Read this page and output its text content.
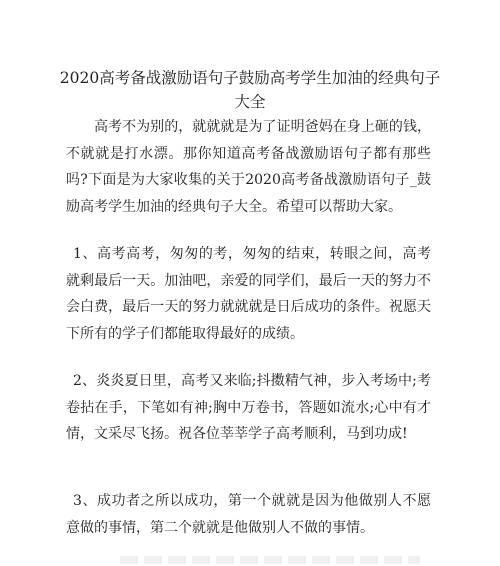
2020高考备战激励语句子鼓励高考学生加油的经典句子大全

高考不为别的，就就就是为了证明爸妈在身上砸的钱，不就就是打水漂。那你知道高考备战激励语句子都有那些吗?下面是为大家收集的关于2020高考备战激励语句子_鼓励高考学生加油的经典句子大全。希望可以帮助大家。

1、高考高考，匆匆的考，匆匆的结束，转眼之间，高考就剩最后一天。加油吧，亲爱的同学们，最后一天的努力不会白费，最后一天的努力就就就是日后成功的条件。祝愿天下所有的学子们都能取得最好的成绩。

2、炎炎夏日里，高考又来临;抖擞精气神，步入考场中;考卷拈在手，下笔如有神;胸中万卷书，答题如流水;心中有才情，文采尽飞扬。祝各位莘莘学子高考顺利，马到功成!

3、成功者之所以成功，第一个就就是因为他做别人不愿意做的事情，第二个就就是他做别人不做的事情。
